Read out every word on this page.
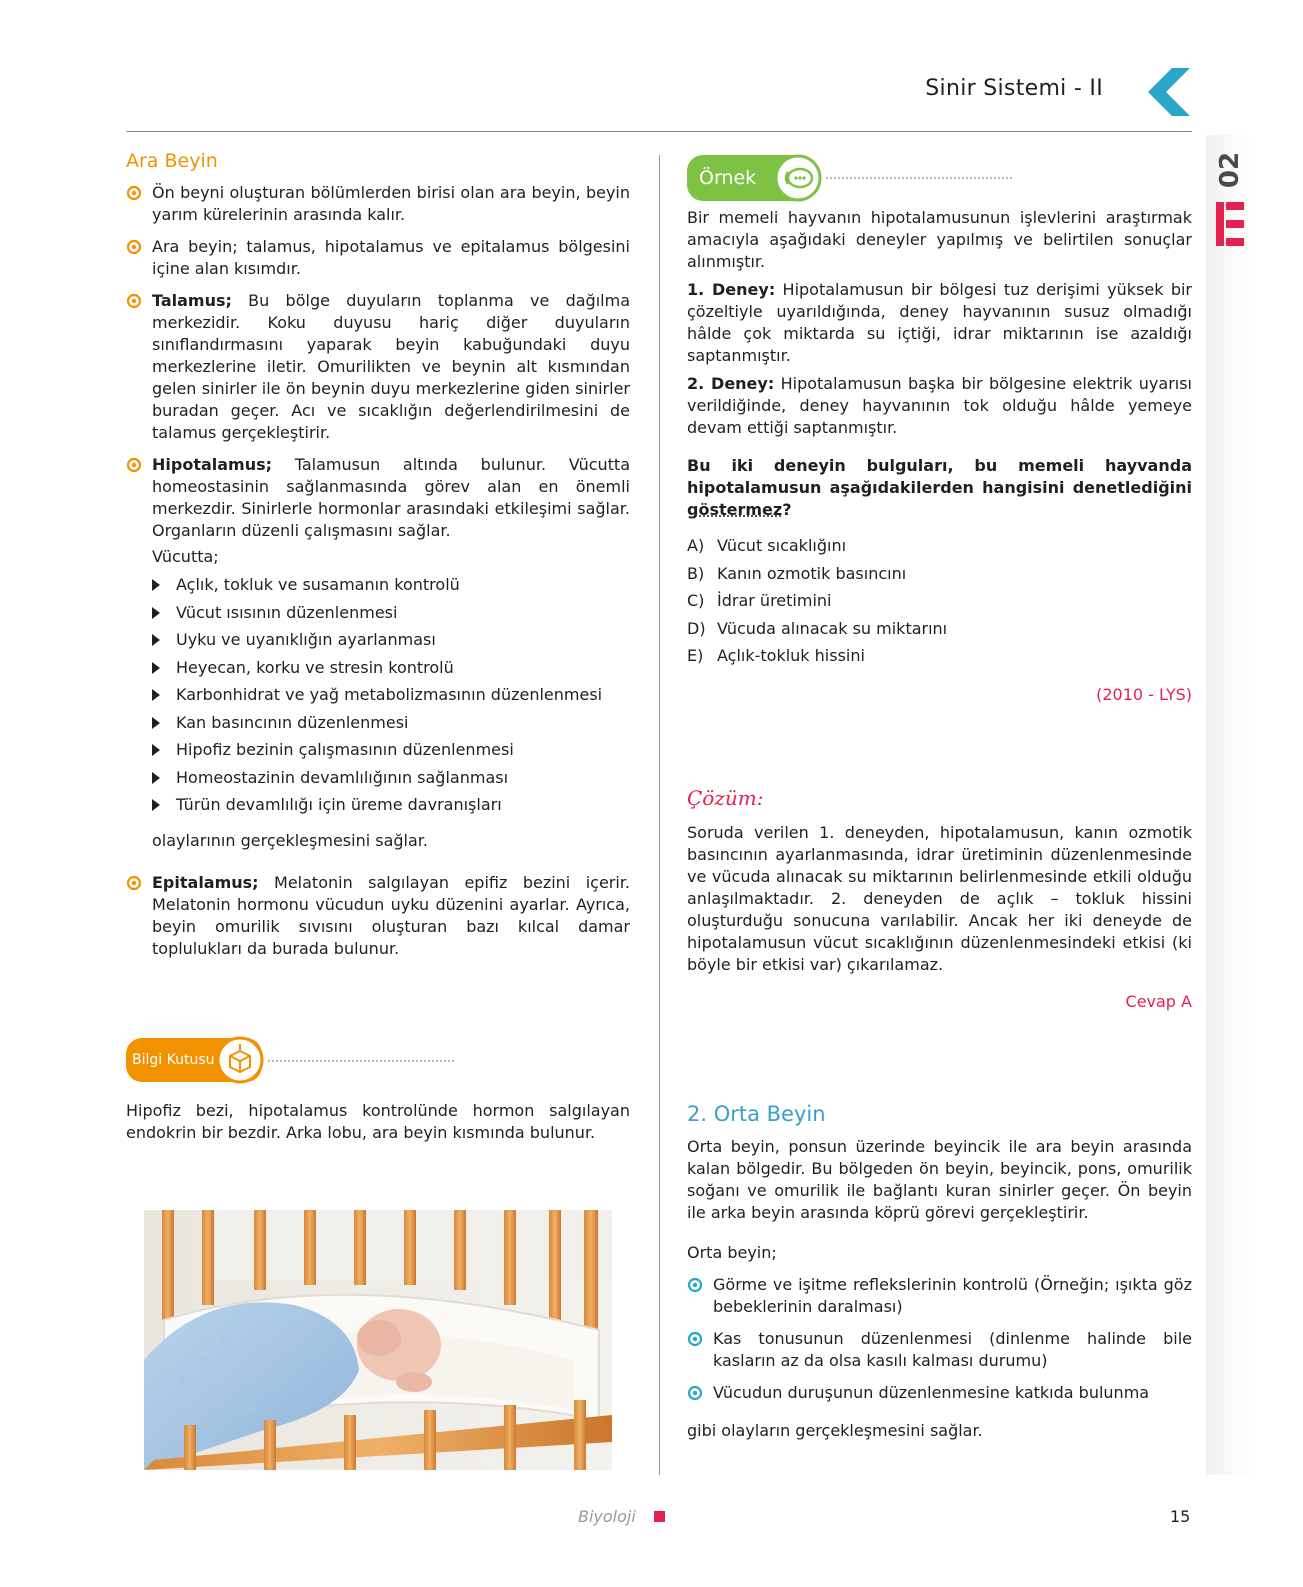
Sinir Sistemi - II
02
Ara Beyin

Ön beyni oluşturan bölümlerden birisi olan ara beyin, beyin yarım kürelerinin arasında kalır.

Ara beyin; talamus, hipotalamus ve epitalamus bölgesini içine alan kısımdır.

Talamus; Bu bölge duyuların toplanma ve dağılma merkezidir. Koku duyusu hariç diğer duyuların sınıflandırmasını yaparak beyin kabuğundaki duyu merkezlerine iletir. Omurilikten ve beynin alt kısmından gelen sinirler ile ön beynin duyu merkezlerine giden sinirler buradan geçer. Acı ve sıcaklığın değerlendirilmesini de talamus gerçekleştirir.

Hipotalamus; Talamusun altında bulunur. Vücutta homeostasinin sağlanmasında görev alan en önemli merkezdir. Sinirlerle hormonlar arasındaki etkileşimi sağlar. Organların düzenli çalışmasını sağlar.

Vücutta;

Açlık, tokluk ve susamanın kontrolü
Vücut ısısının düzenlenmesi
Uyku ve uyanıklığın ayarlanması
Heyecan, korku ve stresin kontrolü
Karbonhidrat ve yağ metabolizmasının düzenlenmesi
Kan basıncının düzenlenmesi
Hipofiz bezinin çalışmasının düzenlenmesi
Homeostazinin devamlılığının sağlanması
Türün devamlılığı için üreme davranışları

olaylarının gerçekleşmesini sağlar.

Epitalamus; Melatonin salgılayan epifiz bezini içerir. Melatonin hormonu vücudun uyku düzenini ayarlar. Ayrıca, beyin omurilik sıvısını oluşturan bazı kılcal damar toplulukları da burada bulunur.

Bilgi Kutusu

Hipofiz bezi, hipotalamus kontrolünde hormon salgılayan endokrin bir bezdir. Arka lobu, ara beyin kısmında bulunur.

Örnek

Bir memeli hayvanın hipotalamusunun işlevlerini araştırmak amacıyla aşağıdaki deneyler yapılmış ve belirtilen sonuçlar alınmıştır.

1. Deney: Hipotalamusun bir bölgesi tuz derişimi yüksek bir çözeltiyle uyarıldığında, deney hayvanının susuz olmadığı hâlde çok miktarda su içtiği, idrar miktarının ise azaldığı saptanmıştır.

2. Deney: Hipotalamusun başka bir bölgesine elektrik uyarısı verildiğinde, deney hayvanının tok olduğu hâlde yemeye devam ettiği saptanmıştır.

Bu iki deneyin bulguları, bu memeli hayvanda hipotalamusun aşağıdakilerden hangisini denetlediğini göstermez?

A) Vücut sıcaklığını
B) Kanın ozmotik basıncını
C) İdrar üretimini
D) Vücuda alınacak su miktarını
E) Açlık-tokluk hissini

(2010 - LYS)

Çözüm:

Soruda verilen 1. deneyden, hipotalamusun, kanın ozmotik basıncının ayarlanmasında, idrar üretiminin düzenlenmesinde ve vücuda alınacak su miktarının belirlenmesinde etkili olduğu anlaşılmaktadır. 2. deneyden de açlık – tokluk hissini oluşturduğu sonucuna varılabilir. Ancak her iki deneyde de hipotalamusun vücut sıcaklığının düzenlenmesindeki etkisi (ki böyle bir etkisi var) çıkarılamaz.

Cevap A

2. Orta Beyin

Orta beyin, ponsun üzerinde beyincik ile ara beyin arasında kalan bölgedir. Bu bölgeden ön beyin, beyincik, pons, omurilik soğanı ve omurilik ile bağlantı kuran sinirler geçer. Ön beyin ile arka beyin arasında köprü görevi gerçekleştirir.

Orta beyin;

Görme ve işitme reflekslerinin kontrolü (Örneğin; ışıkta göz bebeklerinin daralması)

Kas tonusunun düzenlenmesi (dinlenme halinde bile kasların az da olsa kasılı kalması durumu)

Vücudun duruşunun düzenlenmesine katkıda bulunma

gibi olayların gerçekleşmesini sağlar.

Biyoloji	15
